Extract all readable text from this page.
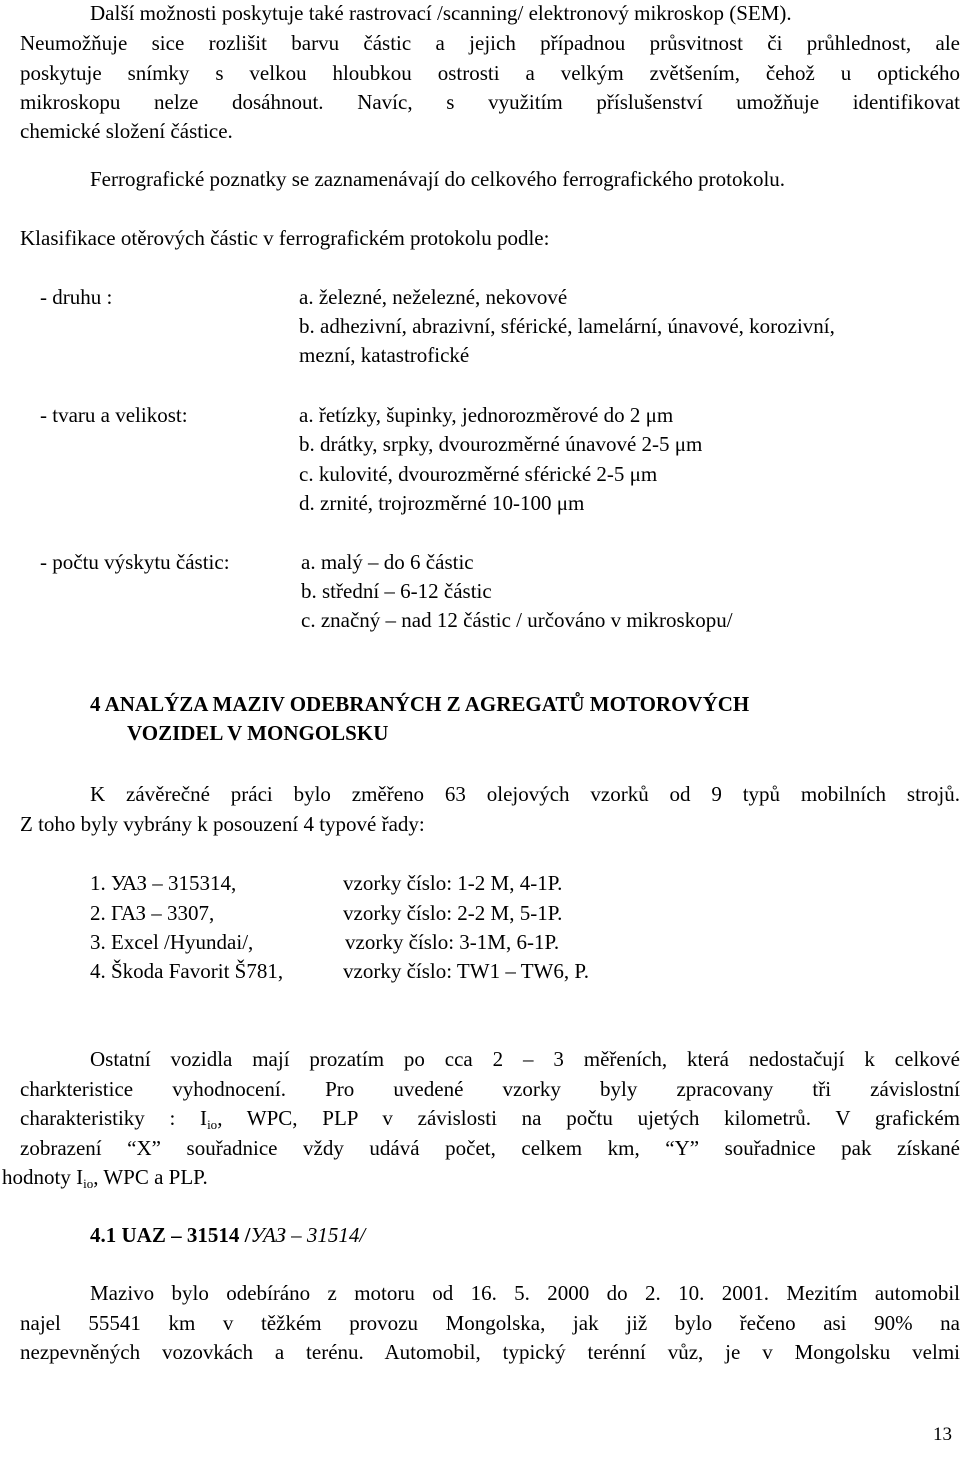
Další možnosti poskytuje také rastrovací /scanning/ elektronový mikroskop (SEM).
Neumožňuje sice rozlišit barvu částic a jejich případnou průsvitnost či průhlednost, ale
poskytuje snímky s velkou hloubkou ostrosti a velkým zvětšením, čehož u optického
mikroskopu nelze dosáhnout. Navíc, s využitím příslušenství umožňuje identifikovat
chemické složení částice.
Ferrografické poznatky se zaznamenávají do celkového ferrografického protokolu.
Klasifikace otěrových částic v ferrografickém protokolu podle:
- druhu :	a. železné, neželezné, nekovové
b. adhezivní, abrazivní, sférické, lamelární, únavové, korozivní,
mezní, katastrofické
- tvaru a velikost:	a. řetízky, šupinky, jednorozměrové do 2 μm
b. drátky, srpky, dvourozměrné únavové 2-5 μm
c. kulovité, dvourozměrné sférické 2-5 μm
d. zrnité, trojrozměrné 10-100 μm
- počtu výskytu částic:	a. malý – do 6 částic
b. střední – 6-12 částic
c. značný – nad 12 částic / určováno v mikroskopu/
4 ANALÝZA MAZIV ODEBRANÝCH Z AGREGATŮ MOTOROVÝCH
VOZIDEL V MONGOLSKU
K závěrečné práci bylo změřeno 63 olejových vzorků od 9 typů mobilních strojů.
Z toho byly vybrány k posouzení 4 typové řady:
1. УАЗ – 315314,	vzorky číslo: 1-2 M, 4-1P.
2. ГАЗ – 3307,	vzorky číslo: 2-2 M, 5-1P.
3. Excel /Hyundai/,	vzorky číslo: 3-1M, 6-1P.
4. Škoda Favorit Š781,	vzorky číslo: TW1 – TW6, P.
Ostatní vozidla mají prozatím po cca 2 – 3 měřeních, která nedostačují k celkové
charkteristice vyhodnocení. Pro uvedené vzorky byly zpracovany tři závislostní
charakteristiky : $I_{io}$, WPC, PLP v závislosti na počtu ujetých kilometrů. V grafickém
zobrazení “X” souřadnice vždy udává počet, celkem km, “Y” souřadnice pak získané
hodnoty $I_{io}$, WPC a PLP.
4.1 UAZ – 31514 /УАЗ – 31514/
Mazivo bylo odebíráno z motoru od 16. 5. 2000 do 2. 10. 2001. Mezitím automobil
najel 55541 km v těžkém provozu Mongolska, jak již bylo řečeno asi 90% na
nezpevněných vozovkách a terénu. Automobil, typický terénní vůz, je v Mongolsku velmi
13
